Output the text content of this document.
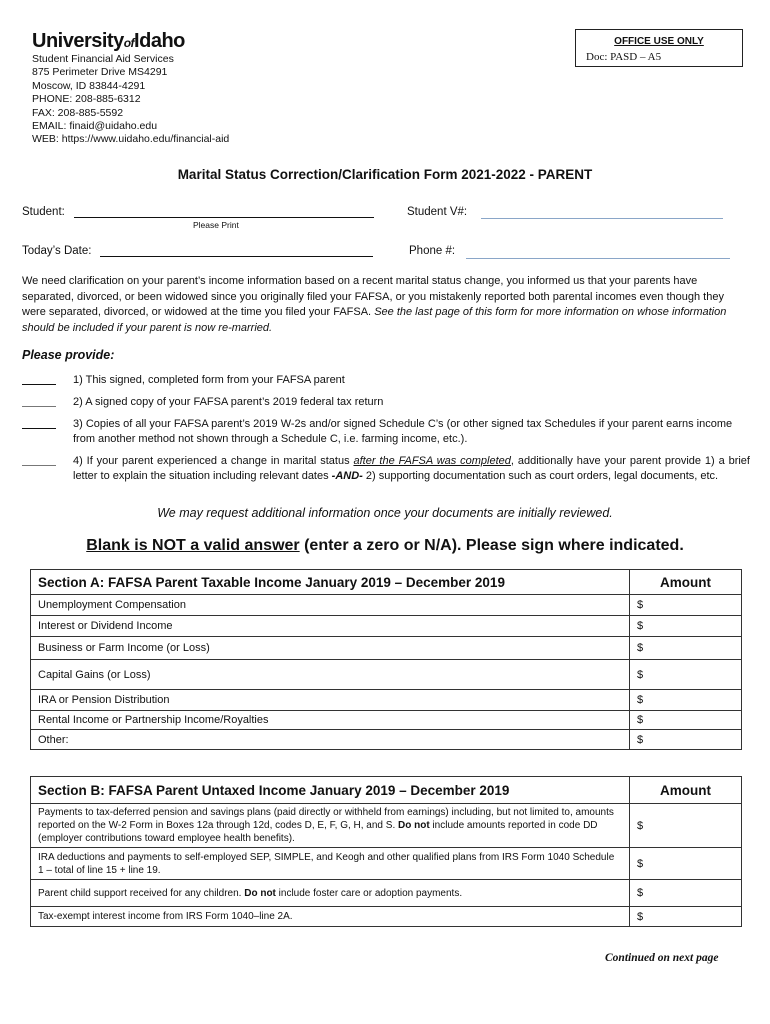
UniversityofIdaho
Student Financial Aid Services
875 Perimeter Drive MS4291
Moscow, ID 83844-4291
PHONE: 208-885-6312
FAX: 208-885-5592
EMAIL: finaid@uidaho.edu
WEB: https://www.uidaho.edu/financial-aid
OFFICE USE ONLY
Doc: PASD – A5
Marital Status Correction/Clarification Form 2021-2022 - PARENT
Student:
Please Print
Student V#:
Today’s Date:	Phone #:
We need clarification on your parent’s income information based on a recent marital status change, you informed us that your parents have separated, divorced, or been widowed since you originally filed your FAFSA, or you mistakenly reported both parental incomes even though they were separated, divorced, or widowed at the time you filed your FAFSA. See the last page of this form for more information on whose information should be included if your parent is now re-married.
Please provide:
1) This signed, completed form from your FAFSA parent
2) A signed copy of your FAFSA parent’s 2019 federal tax return
3) Copies of all your FAFSA parent’s 2019 W-2s and/or signed Schedule C’s (or other signed tax Schedules if your parent earns income from another method not shown through a Schedule C, i.e. farming income, etc.).
4) If your parent experienced a change in marital status after the FAFSA was completed, additionally have your parent provide 1) a brief letter to explain the situation including relevant dates -AND- 2) supporting documentation such as court orders, legal documents, etc.
We may request additional information once your documents are initially reviewed.
Blank is NOT a valid answer (enter a zero or N/A). Please sign where indicated.
Section A: FAFSA Parent Taxable Income January 2019 – December 2019	Amount
Unemployment Compensation	$
Interest or Dividend Income	$
Business or Farm Income (or Loss)	$
Capital Gains (or Loss)	$
IRA or Pension Distribution	$
Rental Income or Partnership Income/Royalties	$
Other:	$
Section B: FAFSA Parent Untaxed Income January 2019 – December 2019	Amount
Payments to tax-deferred pension and savings plans (paid directly or withheld from earnings) including, but not limited to, amounts reported on the W-2 Form in Boxes 12a through 12d, codes D, E, F, G, H, and S. Do not include amounts reported in code DD (employer contributions toward employee health benefits).	$
IRA deductions and payments to self-employed SEP, SIMPLE, and Keogh and other qualified plans from IRS Form 1040 Schedule 1 – total of line 15 + line 19.	$
Parent child support received for any children. Do not include foster care or adoption payments.	$
Tax-exempt interest income from IRS Form 1040–line 2A.	$
Continued on next page
